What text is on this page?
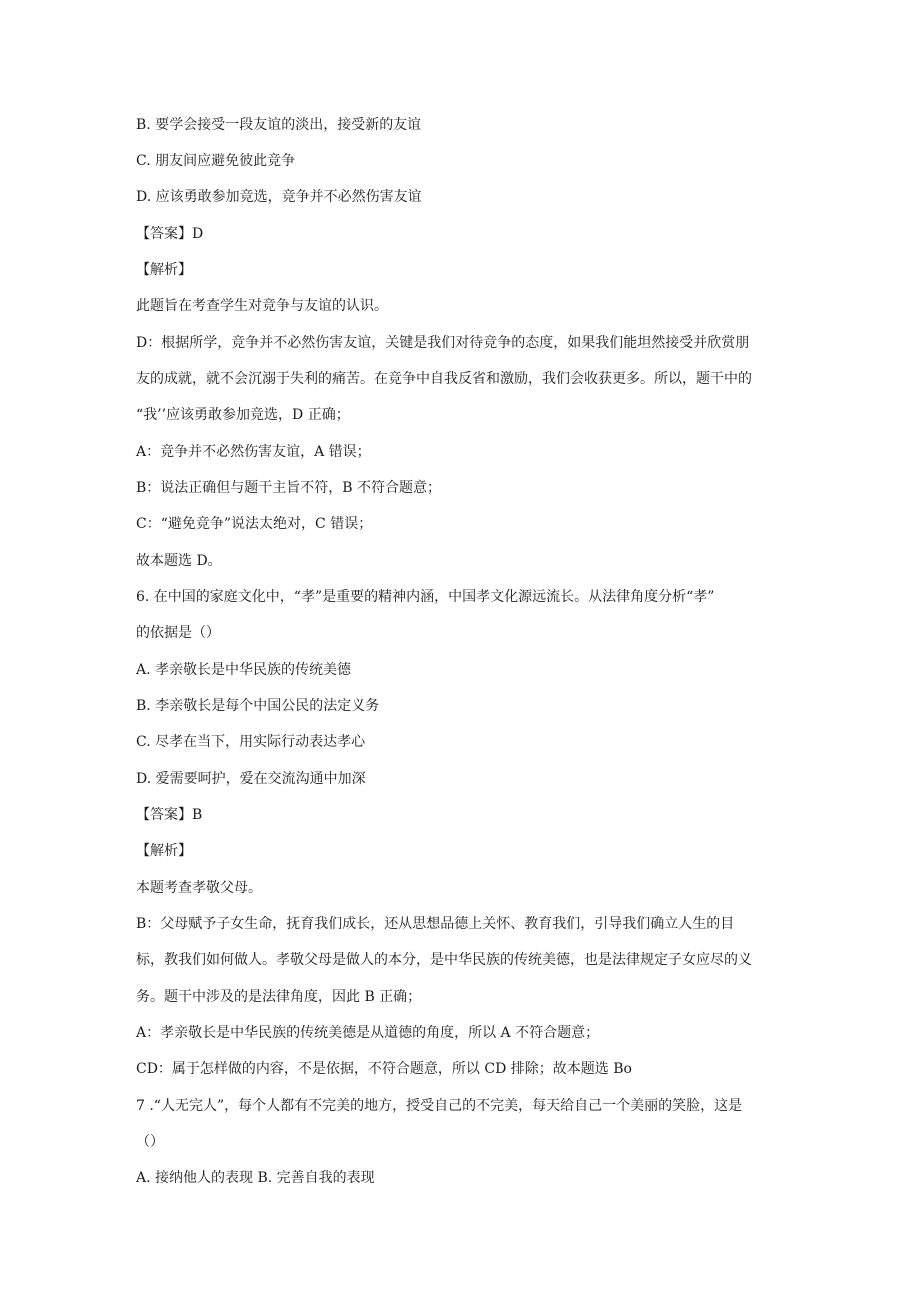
B. 要学会接受一段友谊的淡出，接受新的友谊
C. 朋友间应避免彼此竞争
D. 应该勇敢参加竞选，竞争并不必然伤害友谊
【答案】D
【解析】
此题旨在考查学生对竞争与友谊的认识。
D：根据所学，竞争并不必然伤害友谊，关键是我们对待竞争的态度，如果我们能坦然接受并欣赏朋
友的成就，就不会沉溺于失利的痛苦。在竞争中自我反省和激励，我们会收获更多。所以，题干中的
“我’’应该勇敢参加竞选，D 正确；
A：竞争并不必然伤害友谊，A 错误；
B：说法正确但与题干主旨不符，B 不符合题意；
C：“避免竞争”说法太绝对，C 错误；
故本题选 D。
6. 在中国的家庭文化中，“孝”是重要的精神内涵，中国孝文化源远流长。从法律角度分析“孝”
的依据是（）
A. 孝亲敬长是中华民族的传统美德
B. 李亲敬长是每个中国公民的法定义务
C. 尽孝在当下，用实际行动表达孝心
D. 爱需要呵护，爱在交流沟通中加深
【答案】B
【解析】
本题考查孝敬父母。
B：父母赋予子女生命，抚育我们成长，还从思想品德上关怀、教育我们，引导我们确立人生的目
标，教我们如何做人。孝敬父母是做人的本分，是中华民族的传统美德，也是法律规定子女应尽的义
务。题干中涉及的是法律角度，因此 B 正确；
A：孝亲敬长是中华民族的传统美德是从道德的角度，所以 A 不符合题意；
CD：属于怎样做的内容，不是依据，不符合题意，所以 CD 排除；故本题选 Bo
7 .“人无完人”，每个人都有不完美的地方，授受自己的不完美，每天给自己一个美丽的笑脸，这是
（）
A. 接纳他人的表现 B. 完善自我的表现
